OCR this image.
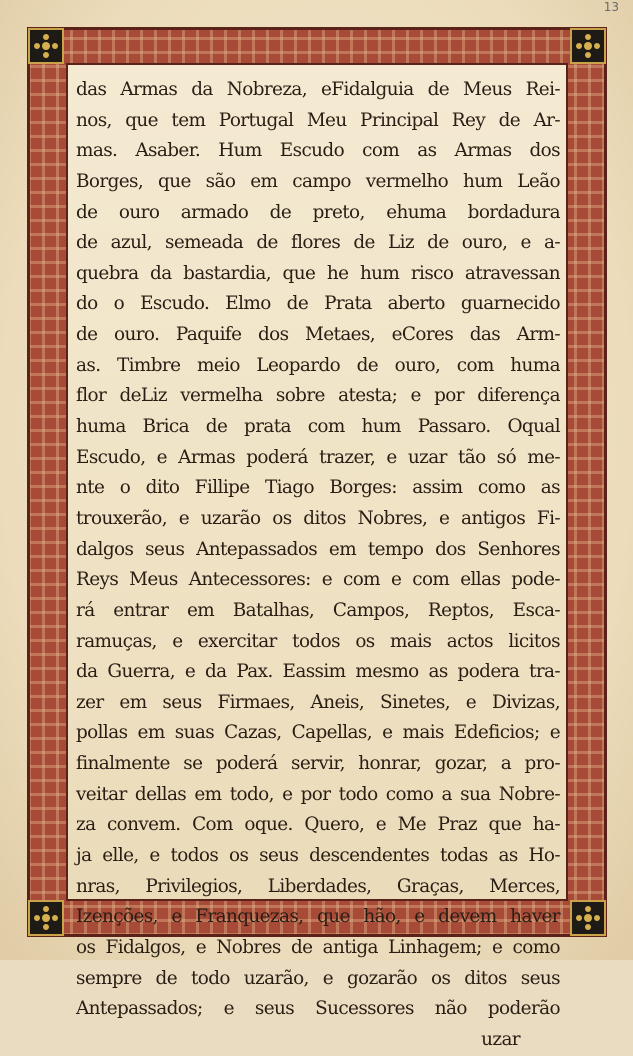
13
das Armas da Nobreza, eFidalguia de Meus Rei-
nos, que tem Portugal Meu Principal Rey de Ar-
mas. Asaber. Hum Escudo com as Armas dos
Borges, que são em campo vermelho hum Leão
de ouro armado de preto, ehuma bordadura
de azul, semeada de flores de Liz de ouro, e a-
quebra da bastardia, que he hum risco atravessan
do o Escudo. Elmo de Prata aberto guarnecido
de ouro. Paquife dos Metaes, eCores das Arm-
as. Timbre meio Leopardo de ouro, com huma
flor deLiz vermelha sobre atesta; e por diferença
huma Brica de prata com hum Passaro. Oqual
Escudo, e Armas poderá trazer, e uzar tão só me-
nte o dito Fillipe Tiago Borges: assim como as
trouxerão, e uzarão os ditos Nobres, e antigos Fi-
dalgos seus Antepassados em tempo dos Senhores
Reys Meus Antecessores: e com e com ellas pode-
rá entrar em Batalhas, Campos, Reptos, Esca-
ramuças, e exercitar todos os mais actos licitos
da Guerra, e da Pax. Eassim mesmo as podera tra-
zer em seus Firmaes, Aneis, Sinetes, e Divizas,
pollas em suas Cazas, Capellas, e mais Edeficios; e
finalmente se poderá servir, honrar, gozar, a pro-
veitar dellas em todo, e por todo como a sua Nobre-
za convem. Com oque. Quero, e Me Praz que ha-
ja elle, e todos os seus descendentes todas as Ho-
nras, Privilegios, Liberdades, Graças, Merces,
Izenções, e Franquezas, que hão, e devem haver
os Fidalgos, e Nobres de antiga Linhagem; e como
sempre de todo uzarão, e gozarão os ditos seus
Antepassados; e seus Sucessores não poderão
uzar
